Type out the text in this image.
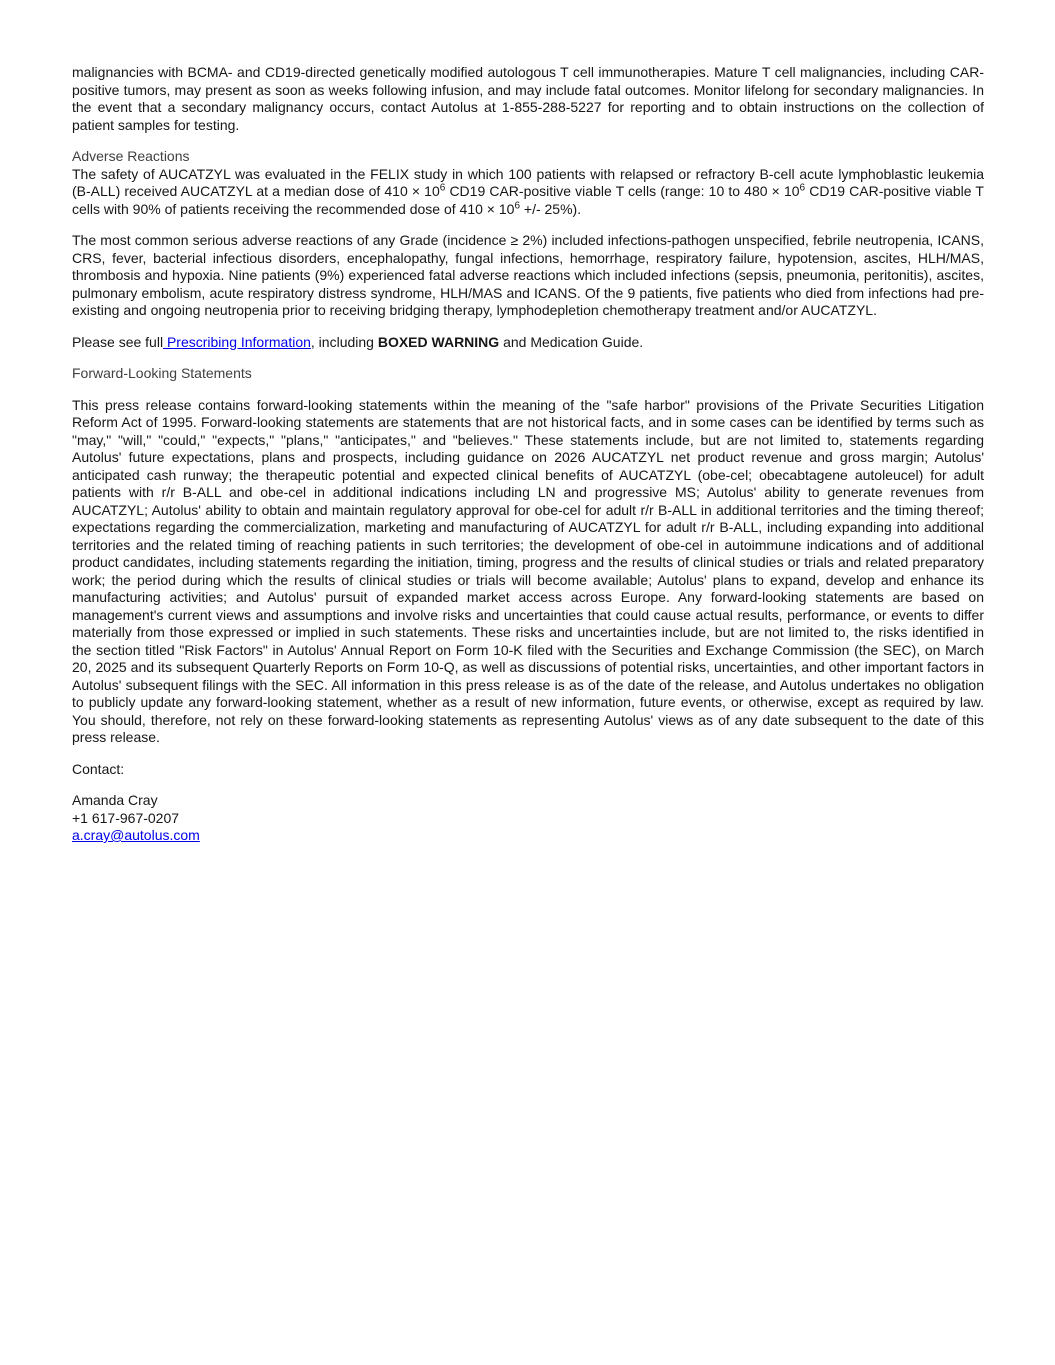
malignancies with BCMA- and CD19-directed genetically modified autologous T cell immunotherapies. Mature T cell malignancies, including CAR-positive tumors, may present as soon as weeks following infusion, and may include fatal outcomes. Monitor lifelong for secondary malignancies. In the event that a secondary malignancy occurs, contact Autolus at 1-855-288-5227 for reporting and to obtain instructions on the collection of patient samples for testing.

Adverse Reactions

The safety of AUCATZYL was evaluated in the FELIX study in which 100 patients with relapsed or refractory B-cell acute lymphoblastic leukemia (B-ALL) received AUCATZYL at a median dose of $410 \times 10^6$ CD19 CAR-positive viable T cells (range: 10 to $480 \times 10^6$ CD19 CAR-positive viable T cells with 90% of patients receiving the recommended dose of $410 \times 10^6$ +/- 25%).

The most common serious adverse reactions of any Grade (incidence ≥ 2%) included infections-pathogen unspecified, febrile neutropenia, ICANS, CRS, fever, bacterial infectious disorders, encephalopathy, fungal infections, hemorrhage, respiratory failure, hypotension, ascites, HLH/MAS, thrombosis and hypoxia. Nine patients (9%) experienced fatal adverse reactions which included infections (sepsis, pneumonia, peritonitis), ascites, pulmonary embolism, acute respiratory distress syndrome, HLH/MAS and ICANS. Of the 9 patients, five patients who died from infections had pre-existing and ongoing neutropenia prior to receiving bridging therapy, lymphodepletion chemotherapy treatment and/or AUCATZYL.

Please see full Prescribing Information, including BOXED WARNING and Medication Guide.

Forward-Looking Statements

This press release contains forward-looking statements within the meaning of the "safe harbor" provisions of the Private Securities Litigation Reform Act of 1995. Forward-looking statements are statements that are not historical facts, and in some cases can be identified by terms such as "may," "will," "could," "expects," "plans," "anticipates," and "believes." These statements include, but are not limited to, statements regarding Autolus' future expectations, plans and prospects, including guidance on 2026 AUCATZYL net product revenue and gross margin; Autolus' anticipated cash runway; the therapeutic potential and expected clinical benefits of AUCATZYL (obe-cel; obecabtagene autoleucel) for adult patients with r/r B-ALL and obe-cel in additional indications including LN and progressive MS; Autolus' ability to generate revenues from AUCATZYL; Autolus' ability to obtain and maintain regulatory approval for obe-cel for adult r/r B-ALL in additional territories and the timing thereof; expectations regarding the commercialization, marketing and manufacturing of AUCATZYL for adult r/r B-ALL, including expanding into additional territories and the related timing of reaching patients in such territories; the development of obe-cel in autoimmune indications and of additional product candidates, including statements regarding the initiation, timing, progress and the results of clinical studies or trials and related preparatory work; the period during which the results of clinical studies or trials will become available; Autolus' plans to expand, develop and enhance its manufacturing activities; and Autolus' pursuit of expanded market access across Europe. Any forward-looking statements are based on management's current views and assumptions and involve risks and uncertainties that could cause actual results, performance, or events to differ materially from those expressed or implied in such statements. These risks and uncertainties include, but are not limited to, the risks identified in the section titled "Risk Factors" in Autolus' Annual Report on Form 10-K filed with the Securities and Exchange Commission (the SEC), on March 20, 2025 and its subsequent Quarterly Reports on Form 10-Q, as well as discussions of potential risks, uncertainties, and other important factors in Autolus' subsequent filings with the SEC. All information in this press release is as of the date of the release, and Autolus undertakes no obligation to publicly update any forward-looking statement, whether as a result of new information, future events, or otherwise, except as required by law. You should, therefore, not rely on these forward-looking statements as representing Autolus' views as of any date subsequent to the date of this press release.

Contact:

Amanda Cray
+1 617-967-0207
a.cray@autolus.com
